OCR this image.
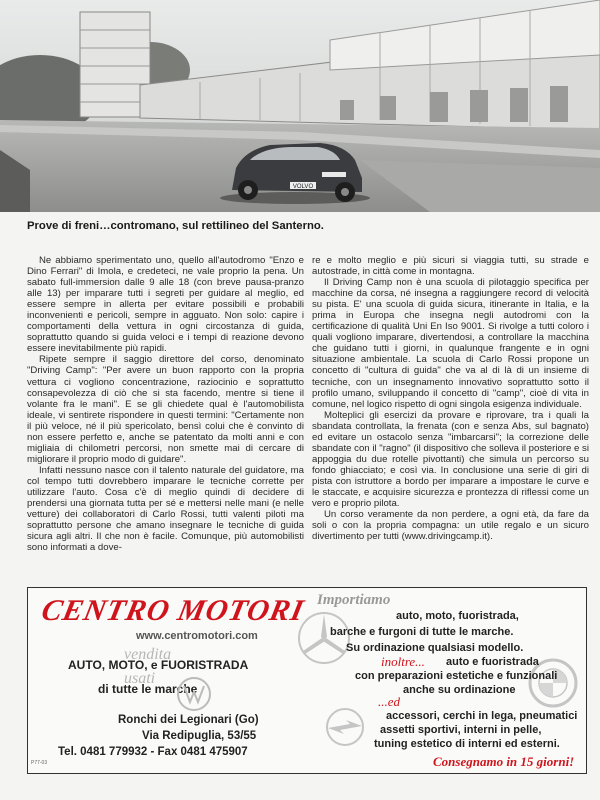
VOLVO
Prove di freni…contromano, sul rettilineo del Santerno.

Ne abbiamo sperimentato uno, quello all'autodromo "Enzo e Dino Ferrari" di Imola, e credeteci, ne vale proprio la pena. Un sabato full-immersion dalle 9 alle 18 (con breve pausa-pranzo alle 13) per imparare tutti i segreti per guidare al meglio, ed essere sempre in allerta per evitare possibili e probabili inconvenienti e pericoli, sempre in agguato. Non solo: capire i comportamenti della vettura in ogni circostanza di guida, soprattutto quando si guida veloci e i tempi di reazione devono essere inevitabilmente più rapidi.

Ripete sempre il saggio direttore del corso, denominato "Driving Camp": "Per avere un buon rapporto con la propria vettura ci vogliono concentrazione, raziocinio e soprattutto consapevolezza di ciò che si sta facendo, mentre si tiene il volante fra le mani". E se gli chiedete qual è l'automobilista ideale, vi sentirete rispondere in questi termini: "Certamente non il più veloce, né il più spericolato, bensì colui che è convinto di non essere perfetto e, anche se patentato da molti anni e con migliaia di chilometri percorsi, non smette mai di cercare di migliorare il proprio modo di guidare".

Infatti nessuno nasce con il talento naturale del guidatore, ma col tempo tutti dovrebbero imparare le tecniche corrette per utilizzare l'auto. Cosa c'è di meglio quindi di decidere di prendersi una giornata tutta per sé e mettersi nelle mani (e nelle vetture) dei collaboratori di Carlo Rossi, tutti valenti piloti ma soprattutto persone che amano insegnare le tecniche di guida sicura agli altri. Il che non è facile. Comunque, più automobilisti sono informati a dove-

re e molto meglio e più sicuri si viaggia tutti, su strade e autostrade, in città come in montagna.

Il Driving Camp non è una scuola di pilotaggio specifica per macchine da corsa, né insegna a raggiungere record di velocità su pista. E' una scuola di guida sicura, itinerante in Italia, e la prima in Europa che insegna negli autodromi con la certificazione di qualità Uni En Iso 9001. Si rivolge a tutti coloro i quali vogliono imparare, divertendosi, a controllare la macchina che guidano tutti i giorni, in qualunque frangente e in ogni situazione ambientale. La scuola di Carlo Rossi propone un concetto di "cultura di guida" che va al di là di un insieme di tecniche, con un insegnamento innovativo soprattutto sotto il profilo umano, sviluppando il concetto di "camp", cioè di vita in comune, nel logico rispetto di ogni singola esigenza individuale.

Molteplici gli esercizi da provare e riprovare, tra i quali la sbandata controllata, la frenata (con e senza Abs, sul bagnato) ed evitare un ostacolo senza "imbarcarsi"; la correzione delle sbandate con il "ragno" (il dispositivo che solleva il posteriore e si appoggia du due rotelle pivottanti) che simula un percorso su fondo ghiacciato; e così via. In conclusione una serie di giri di pista con istruttore a bordo per imparare a impostare le curve e le staccate, e acquisire sicurezza e prontezza di riflessi come un vero e proprio pilota.

Un corso veramente da non perdere, a ogni età, da fare da soli o con la propria compagna: un utile regalo e un sicuro divertimento per tutti (www.drivingcamp.it).

CENTRO MOTORI
www.centromotori.com
vendita
AUTO, MOTO, e FUORISTRADA
usati
di tutte le marche
Ronchi dei Legionari (Go)
Via Redipuglia, 53/55
Tel. 0481 779932 - Fax 0481 475907
P77-03
Importiamo
auto, moto, fuoristrada,
barche e furgoni di tutte le marche.
Su ordinazione qualsiasi modello.
inoltre... auto e fuoristrada
con preparazioni estetiche e funzionali
anche su ordinazione
...ed
accessori, cerchi in lega, pneumatici
assetti sportivi, interni in pelle,
tuning estetico di interni ed esterni.
Consegnamo in 15 giorni!
